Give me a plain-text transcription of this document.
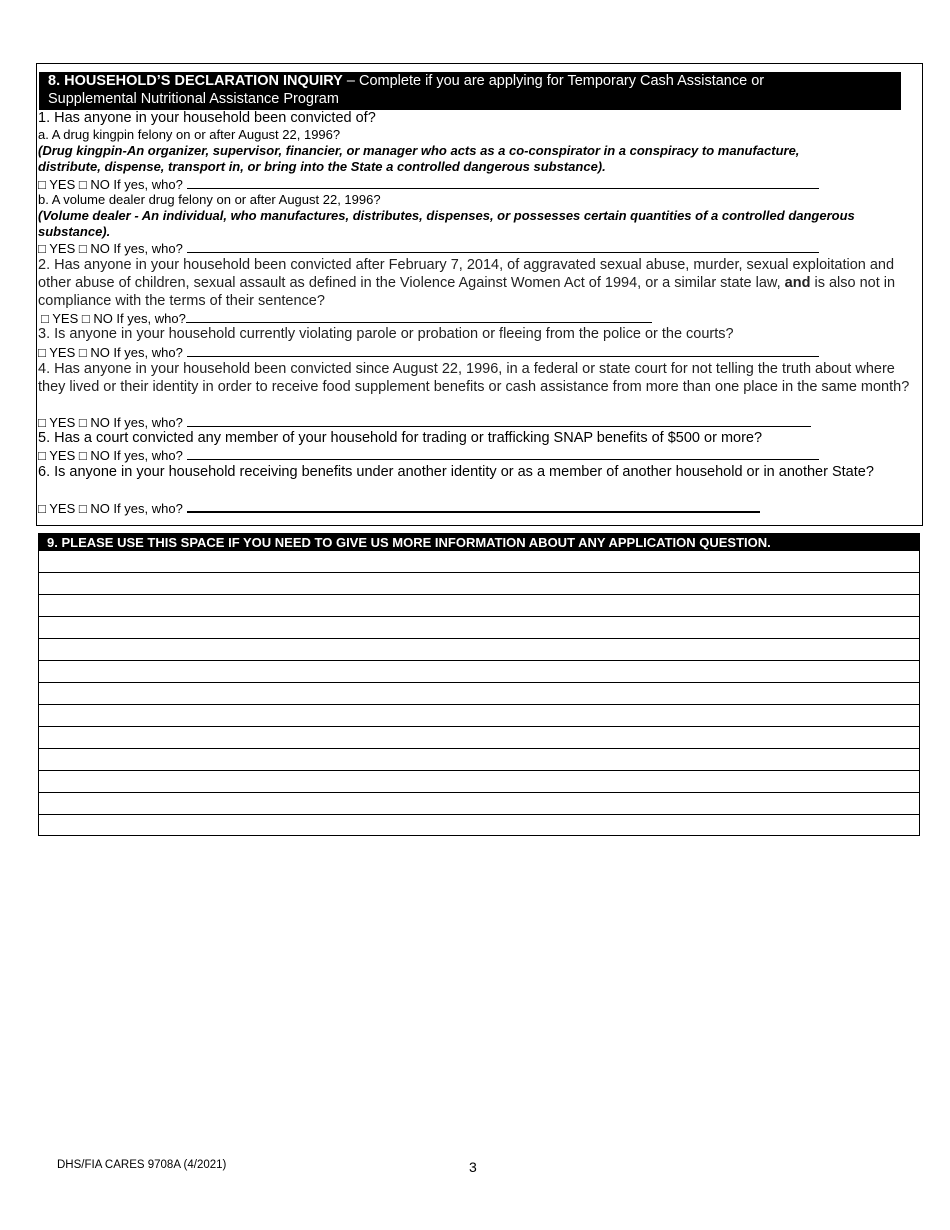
8. HOUSEHOLD’S DECLARATION INQUIRY – Complete if you are applying for Temporary Cash Assistance or
Supplemental Nutritional Assistance Program
1. Has anyone in your household been convicted of?
a. A drug kingpin felony on or after August 22, 1996?
(Drug kingpin-An organizer, supervisor, financier, or manager who acts as a co-conspirator in a conspiracy to manufacture,
distribute, dispense, transport in, or bring into the State a controlled dangerous substance).
□ YES □ NO If yes, who?
b. A volume dealer drug felony on or after August 22, 1996?
(Volume dealer - An individual, who manufactures, distributes, dispenses, or possesses certain quantities of a controlled dangerous
substance).
□ YES □ NO If yes, who?
2. Has anyone in your household been convicted after February 7, 2014, of aggravated sexual abuse, murder, sexual exploitation and other abuse of children, sexual assault as defined in the Violence Against Women Act of 1994, or a similar state law, and is also not in compliance with the terms of their sentence?
□ YES □ NO If yes, who?
3. Is anyone in your household currently violating parole or probation or fleeing from the police or the courts?
□ YES □ NO If yes, who?
4. Has anyone in your household been convicted since August 22, 1996, in a federal or state court for not telling the truth about where they lived or their identity in order to receive food supplement benefits or cash assistance from more than one place in the same month?
□ YES □ NO If yes, who?
5. Has a court convicted any member of your household for trading or trafficking SNAP benefits of $500 or more?
□ YES □ NO If yes, who?
6. Is anyone in your household receiving benefits under another identity or as a member of another household or in another State?
□ YES □ NO If yes, who?
9. PLEASE USE THIS SPACE IF YOU NEED TO GIVE US MORE INFORMATION ABOUT ANY APPLICATION QUESTION.
DHS/FIA CARES 9708A (4/2021)	3
